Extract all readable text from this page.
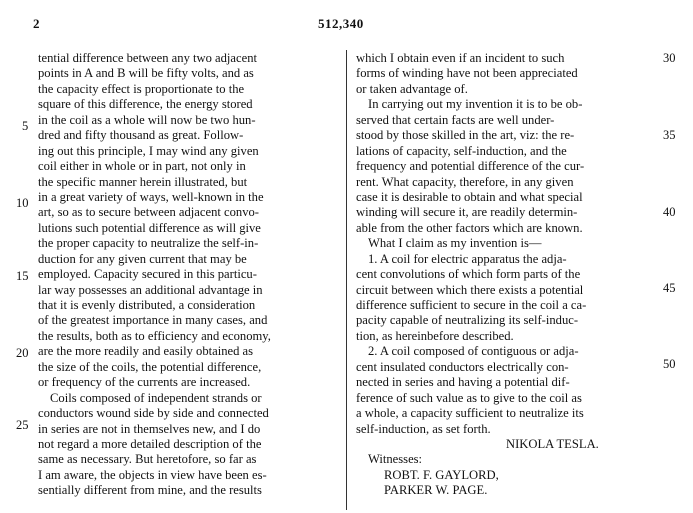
2	512,340
tential difference between any two adjacent
points in A and B will be fifty volts, and as
the capacity effect is proportionate to the
square of this difference, the energy stored
in the coil as a whole will now be two hun-
dred and fifty thousand as great. Follow-
ing out this principle, I may wind any given
coil either in whole or in part, not only in
the specific manner herein illustrated, but
in a great variety of ways, well-known in the
art, so as to secure between adjacent convo-
lutions such potential difference as will give
the proper capacity to neutralize the self-in-
duction for any given current that may be
employed. Capacity secured in this particu-
lar way possesses an additional advantage in
that it is evenly distributed, a consideration
of the greatest importance in many cases, and
the results, both as to efficiency and economy,
are the more readily and easily obtained as
the size of the coils, the potential difference,
or frequency of the currents are increased.
Coils composed of independent strands or
conductors wound side by side and connected
in series are not in themselves new, and I do
not regard a more detailed description of the
same as necessary. But heretofore, so far as
I am aware, the objects in view have been es-
sentially different from mine, and the results
which I obtain even if an incident to such
forms of winding have not been appreciated
or taken advantage of.
In carrying out my invention it is to be ob-
served that certain facts are well under-
stood by those skilled in the art, viz: the re-
lations of capacity, self-induction, and the
frequency and potential difference of the cur-
rent. What capacity, therefore, in any given
case it is desirable to obtain and what special
winding will secure it, are readily determin-
able from the other factors which are known.
What I claim as my invention is—
1. A coil for electric apparatus the adja-
cent convolutions of which form parts of the
circuit between which there exists a potential
difference sufficient to secure in the coil a ca-
pacity capable of neutralizing its self-induc-
tion, as hereinbefore described.
2. A coil composed of contiguous or adja-
cent insulated conductors electrically con-
nected in series and having a potential dif-
ference of such value as to give to the coil as
a whole, a capacity sufficient to neutralize its
self-induction, as set forth.
NIKOLA TESLA.
Witnesses:
ROBT. F. GAYLORD,
PARKER W. PAGE.
5
10
15
20
25
30
35
40
45
50
